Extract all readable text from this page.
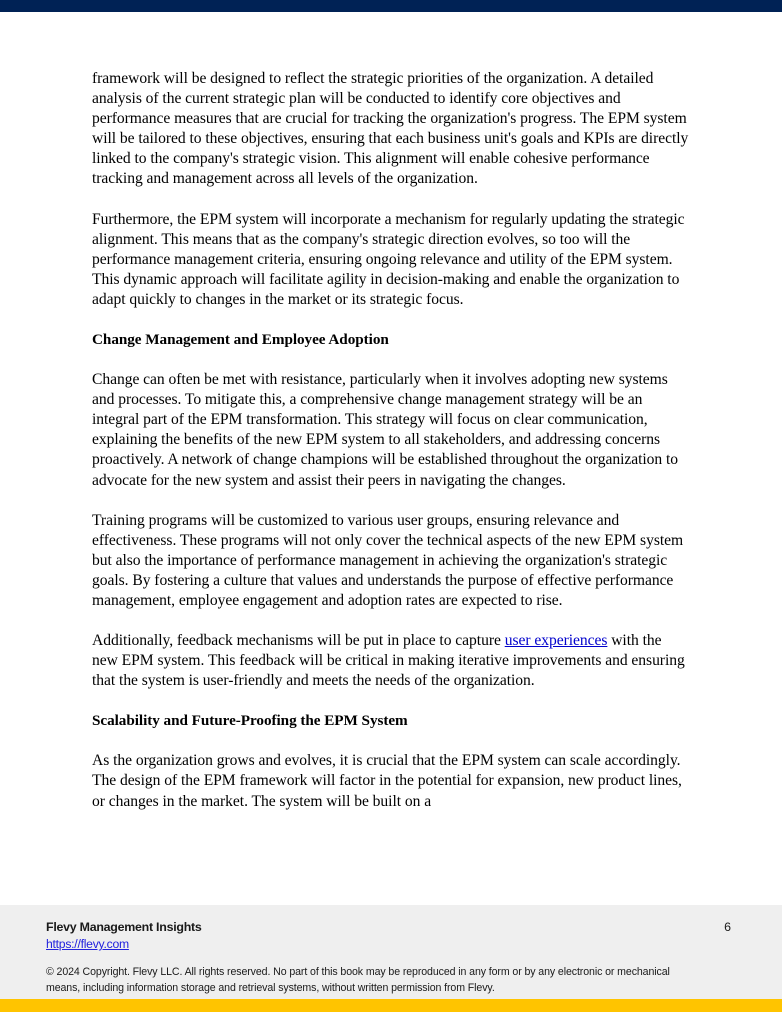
framework will be designed to reflect the strategic priorities of the organization. A detailed analysis of the current strategic plan will be conducted to identify core objectives and performance measures that are crucial for tracking the organization's progress. The EPM system will be tailored to these objectives, ensuring that each business unit's goals and KPIs are directly linked to the company's strategic vision. This alignment will enable cohesive performance tracking and management across all levels of the organization.

Furthermore, the EPM system will incorporate a mechanism for regularly updating the strategic alignment. This means that as the company's strategic direction evolves, so too will the performance management criteria, ensuring ongoing relevance and utility of the EPM system. This dynamic approach will facilitate agility in decision-making and enable the organization to adapt quickly to changes in the market or its strategic focus.

Change Management and Employee Adoption

Change can often be met with resistance, particularly when it involves adopting new systems and processes. To mitigate this, a comprehensive change management strategy will be an integral part of the EPM transformation. This strategy will focus on clear communication, explaining the benefits of the new EPM system to all stakeholders, and addressing concerns proactively. A network of change champions will be established throughout the organization to advocate for the new system and assist their peers in navigating the changes.

Training programs will be customized to various user groups, ensuring relevance and effectiveness. These programs will not only cover the technical aspects of the new EPM system but also the importance of performance management in achieving the organization's strategic goals. By fostering a culture that values and understands the purpose of effective performance management, employee engagement and adoption rates are expected to rise.

Additionally, feedback mechanisms will be put in place to capture user experiences with the new EPM system. This feedback will be critical in making iterative improvements and ensuring that the system is user-friendly and meets the needs of the organization.

Scalability and Future-Proofing the EPM System

As the organization grows and evolves, it is crucial that the EPM system can scale accordingly. The design of the EPM framework will factor in the potential for expansion, new product lines, or changes in the market. The system will be built on a

Flevy Management Insights
https://flevy.com
6
© 2024 Copyright. Flevy LLC. All rights reserved. No part of this book may be reproduced in any form or by any electronic or mechanical means, including information storage and retrieval systems, without written permission from Flevy.
